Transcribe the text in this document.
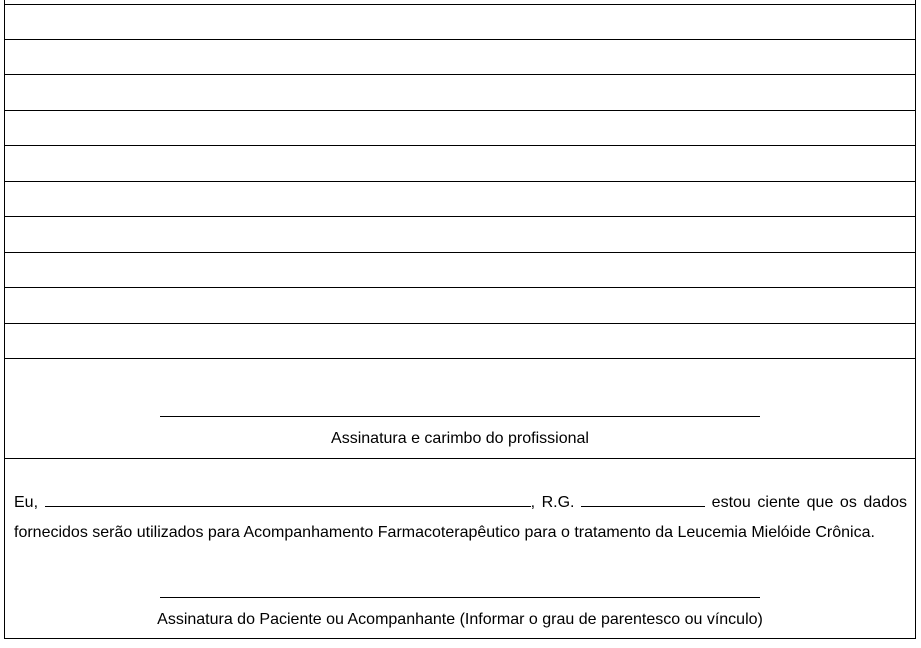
Assinatura e carimbo do profissional
Eu,	, R.G.	estou ciente que os dados fornecidos serão utilizados para Acompanhamento Farmacoterapêutico para o tratamento da Leucemia Mielóide Crônica.
Assinatura do Paciente ou Acompanhante (Informar o grau de parentesco ou vínculo)
